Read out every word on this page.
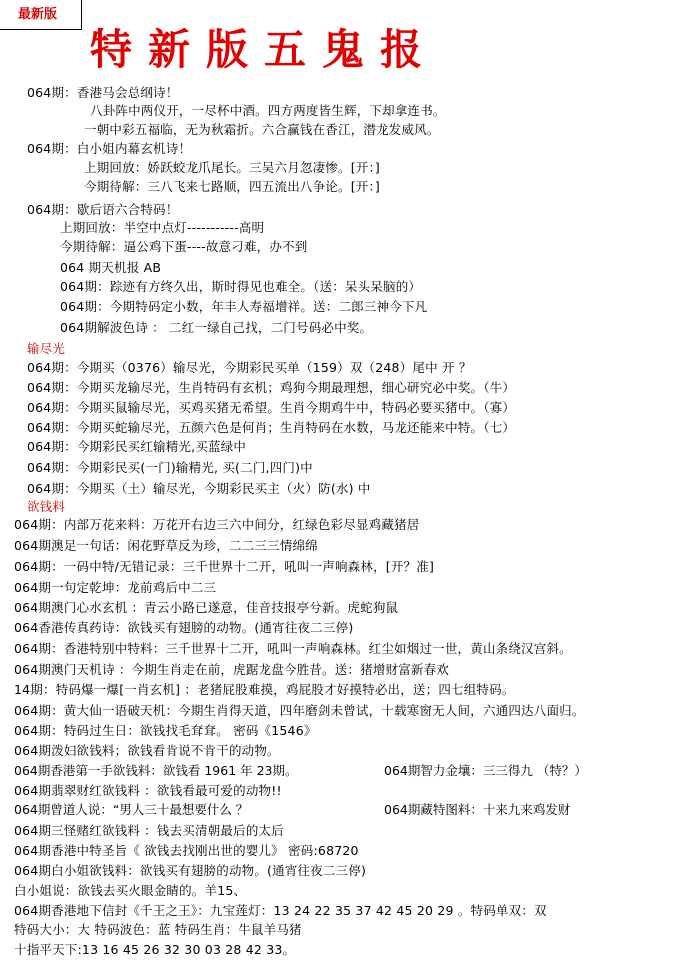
最新版
特新版五鬼报
064期：香港马会总纲诗！
八卦阵中两仪开，一尽杯中酒。四方两度皆生辉，下却拿连书。
一朝中彩五福临，无为秋霜折。六合赢钱在香江，潜龙发威风。
064期：白小姐内幕玄机诗！
上期回放：娇跃蛟龙爪尾长。三吴六月忽凄惨。[开：]
今期待解：三八飞来七路顺，四五流出八争论。[开：]
064期：歇后语六合特码！
上期回放：半空中点灯-----------高明
今期待解：逼公鸡下蛋----故意刁难，办不到
064 期天机报 AB
064期：踪迹有方终久出，斯时得见也难全。（送：呆头呆脑的）
064期：今期特码定小数，年丰人寿福增祥。送：二郎三神今下凡
064期解波色诗 ： 二红一绿自己找，二门号码必中奖。
输尽光
064期：今期买（0376）输尽光，今期彩民买单（159）双（248）尾中 开 ？
064期：今期买龙输尽光，生肖特码有玄机；鸡狗今期最理想，细心研究必中奖。（牛）
064期：今期买鼠输尽光，买鸡买猪无希望。生肖今期鸡牛中，特码必要买猪中。（寡）
064期：今期买蛇输尽光，五颜六色是何肖；生肖特码在水数，马龙还能来中特。（七）
064期：今期彩民买红输精光,买蓝绿中
064期：今期彩民买(一门)输精光, 买(二门,四门)中
064期：今期买（土）输尽光，今期彩民买主（火）防(水) 中
欲钱料
064期：内部万花来料：万花开右边三六中间分，红绿色彩尽显鸡藏猪居
064期澳足一句话：闲花野草反为珍，二二三三情绵绵
064期：一码中特/无错记录：三千世界十二开，吼叫一声响森林，[开？准]
064期一句定乾坤：龙前鸡后中二三
064期澳门心水玄机 ：青云小路已遂意，佳音技报亭兮新。虎蛇狗鼠
064香港传真药诗：欲钱买有翅膀的动物。(通宵往夜二三停)
064期：香港特别中特料：三千世界十二开，吼叫一声响森林。红尘如烟过一世，黄山条绕汉宫斜。
064期澳门天机诗 ：今期生肖走在前，虎踞龙盘今胜昔。送：猪增财富新春欢
14期：特码爆一爆[一肖玄机] ：老猪屁股难摸，鸡屁股才好摸特必出，送；四七组特码。
064期：黄大仙一语破天机：今期生肖得天道，四年磨剑未曾试，十载寒窗无人间，六通四达八面归。
064期：特码过生日：欲钱找毛耷耷。 密码《1546》
064期泼妇欲钱料；欲钱看肯说不肯干的动物。
064期香港第一手欲钱料：欲钱看 1961 年 23期。	064期智力金壤：三三得九 （特？）
064期翡翠财红欲钱料 ：欲钱看最可爱的动物!!
064期曾道人说：“男人三十最想要什么 ？	064期藏特图料：十来九来鸡发财
064期三怪赌红欲钱料 ：钱去买清朝最后的太后
064期香港中特圣旨《 欲钱去找刚出世的婴儿》 密码:68720
064期白小姐欲钱料：欲钱买有翅膀的动物。(通宵往夜二三停)
白小姐说：欲钱去买火眼金睛的。羊15、
064期香港地下信封《千王之王》：九宝莲灯：13 24 22 35 37 42 45 20 29 。特码单双：双
特码大小：大 特码波色：蓝 特码生肖：牛鼠羊马猪
十指平天下:13 16 45 26 32 30 03 28 42 33。
